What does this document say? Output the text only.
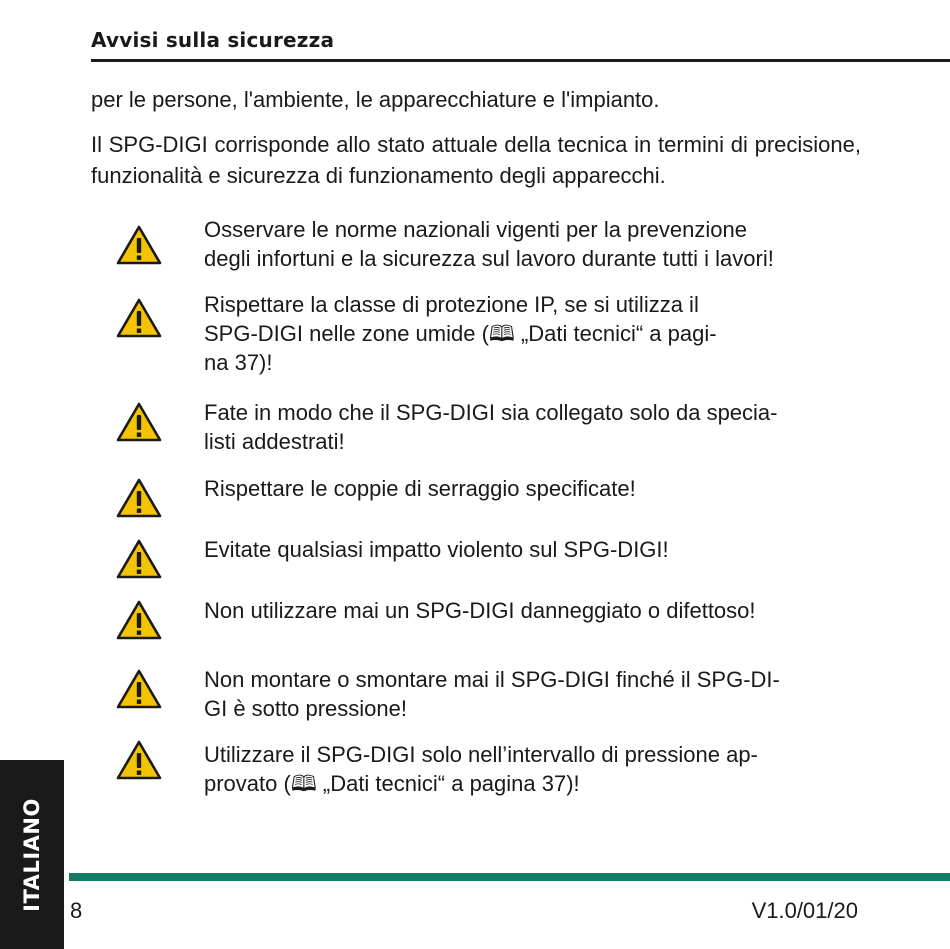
Avvisi sulla sicurezza

per le persone, l'ambiente, le apparecchiature e l'impianto.

Il SPG-DIGI corrisponde allo stato attuale della tecnica in termini di precisione, funzionalità e sicurezza di funzionamento degli apparecchi.

Osservare le norme nazionali vigenti per la prevenzione
degli infortuni e la sicurezza sul lavoro durante tutti i lavori!

Rispettare la classe di protezione IP, se si utilizza il
SPG-DIGI nelle zone umide (🕮 „Dati tecnici“ a pagi-
na 37)!

Fate in modo che il SPG-DIGI sia collegato solo da specia-
listi addestrati!

Rispettare le coppie di serraggio specificate!

Evitate qualsiasi impatto violento sul SPG-DIGI!

Non utilizzare mai un SPG-DIGI danneggiato o difettoso!

Non montare o smontare mai il SPG-DIGI finché il SPG-DI-
GI è sotto pressione!

Utilizzare il SPG-DIGI solo nell’intervallo di pressione ap-
provato (🕮 „Dati tecnici“ a pagina 37)!

ITALIANO 8	V1.0/01/20
